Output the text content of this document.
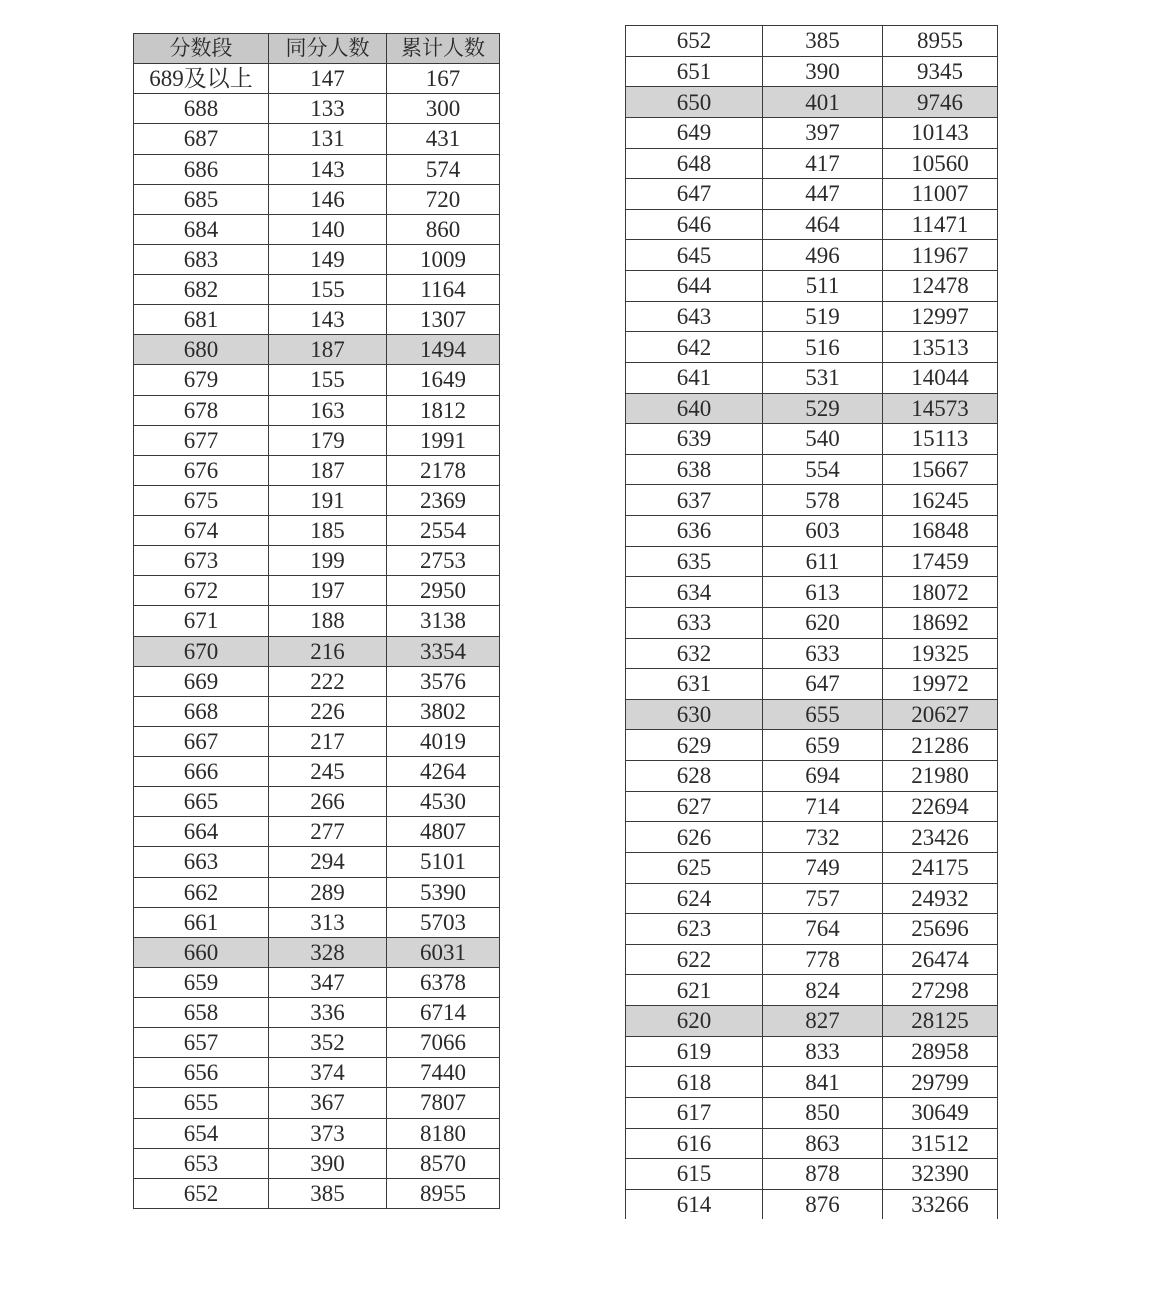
分数段	同分人数	累计人数
689及以上	147	167
688	133	300
687	131	431
686	143	574
685	146	720
684	140	860
683	149	1009
682	155	1164
681	143	1307
680	187	1494
679	155	1649
678	163	1812
677	179	1991
676	187	2178
675	191	2369
674	185	2554
673	199	2753
672	197	2950
671	188	3138
670	216	3354
669	222	3576
668	226	3802
667	217	4019
666	245	4264
665	266	4530
664	277	4807
663	294	5101
662	289	5390
661	313	5703
660	328	6031
659	347	6378
658	336	6714
657	352	7066
656	374	7440
655	367	7807
654	373	8180
653	390	8570
652	385	8955
652	385	8955
651	390	9345
650	401	9746
649	397	10143
648	417	10560
647	447	11007
646	464	11471
645	496	11967
644	511	12478
643	519	12997
642	516	13513
641	531	14044
640	529	14573
639	540	15113
638	554	15667
637	578	16245
636	603	16848
635	611	17459
634	613	18072
633	620	18692
632	633	19325
631	647	19972
630	655	20627
629	659	21286
628	694	21980
627	714	22694
626	732	23426
625	749	24175
624	757	24932
623	764	25696
622	778	26474
621	824	27298
620	827	28125
619	833	28958
618	841	29799
617	850	30649
616	863	31512
615	878	32390
614	876	33266
